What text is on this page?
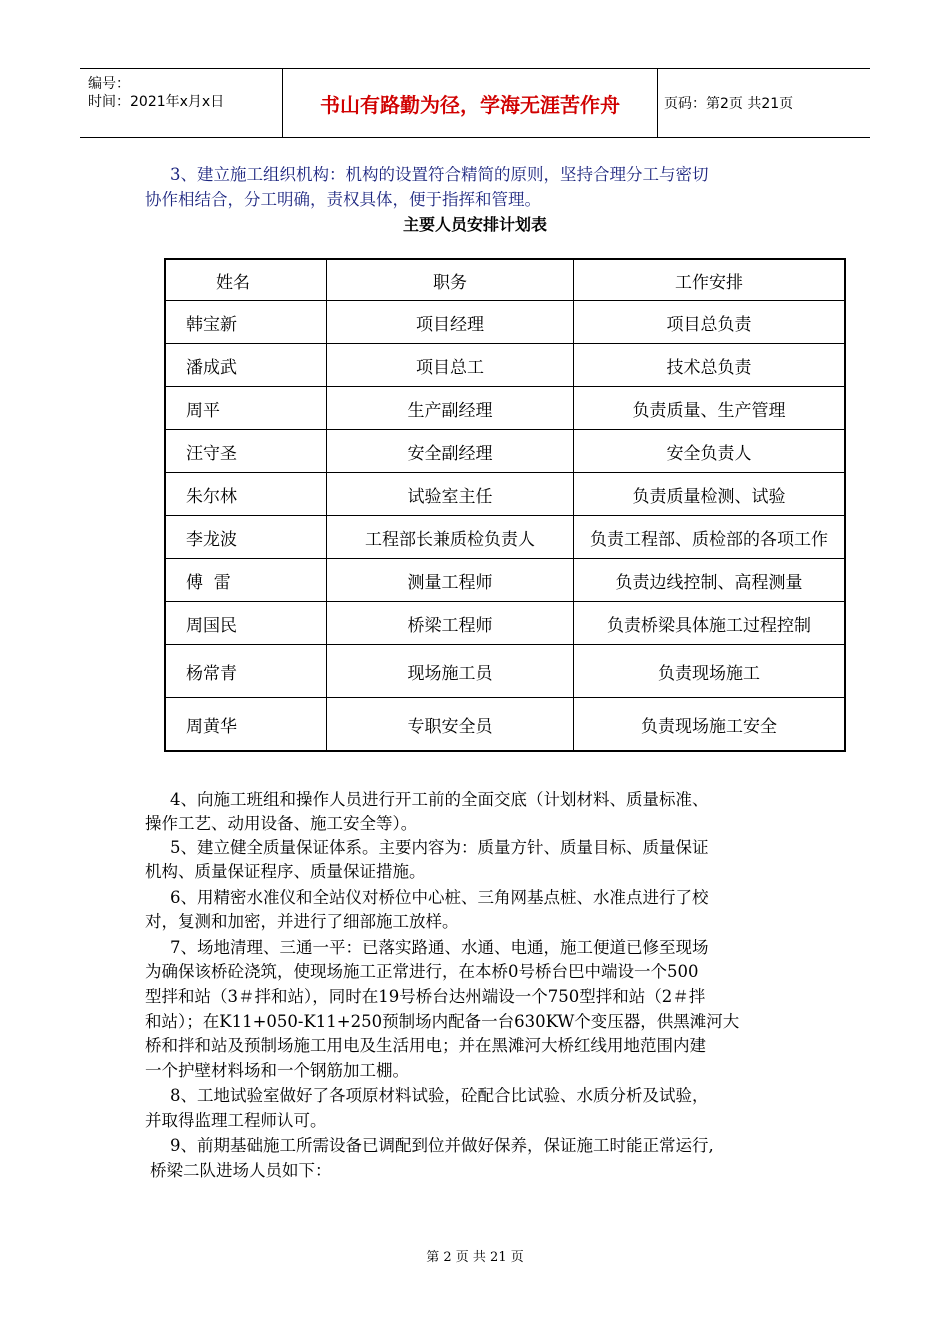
编号：
时间：2021年x月x日	书山有路勤为径，学海无涯苦作舟	页码：第2页 共21页
3、建立施工组织机构：机构的设置符合精简的原则，坚持合理分工与密切
协作相结合，分工明确，责权具体，便于指挥和管理。
主要人员安排计划表
姓名	职务	工作安排
韩宝新	项目经理	项目总负责
潘成武	项目总工	技术总负责
周平	生产副经理	负责质量、生产管理
汪守圣	安全副经理	安全负责人
朱尔林	试验室主任	负责质量检测、试验
李龙波	工程部长兼质检负责人	负责工程部、质检部的各项工作
傅  雷	测量工程师	负责边线控制、高程测量
周国民	桥梁工程师	负责桥梁具体施工过程控制
杨常青	现场施工员	负责现场施工
周黄华	专职安全员	负责现场施工安全
4、向施工班组和操作人员进行开工前的全面交底（计划材料、质量标准、
操作工艺、动用设备、施工安全等）。
5、建立健全质量保证体系。主要内容为：质量方针、质量目标、质量保证
机构、质量保证程序、质量保证措施。
6、用精密水准仪和全站仪对桥位中心桩、三角网基点桩、水准点进行了校
对，复测和加密，并进行了细部施工放样。
7、场地清理、三通一平：已落实路通、水通、电通，施工便道已修至现场
为确保该桥砼浇筑，使现场施工正常进行，在本桥0号桥台巴中端设一个500
型拌和站（3＃拌和站），同时在19号桥台达州端设一个750型拌和站（2＃拌
和站）；在K11+050-K11+250预制场内配备一台630KW个变压器，供黑滩河大
桥和拌和站及预制场施工用电及生活用电；并在黑滩河大桥红线用地范围内建
一个护壁材料场和一个钢筋加工棚。
8、工地试验室做好了各项原材料试验，砼配合比试验、水质分析及试验，
并取得监理工程师认可。
9、前期基础施工所需设备已调配到位并做好保养，保证施工时能正常运行,
桥梁二队进场人员如下：
第 2 页 共 21 页
